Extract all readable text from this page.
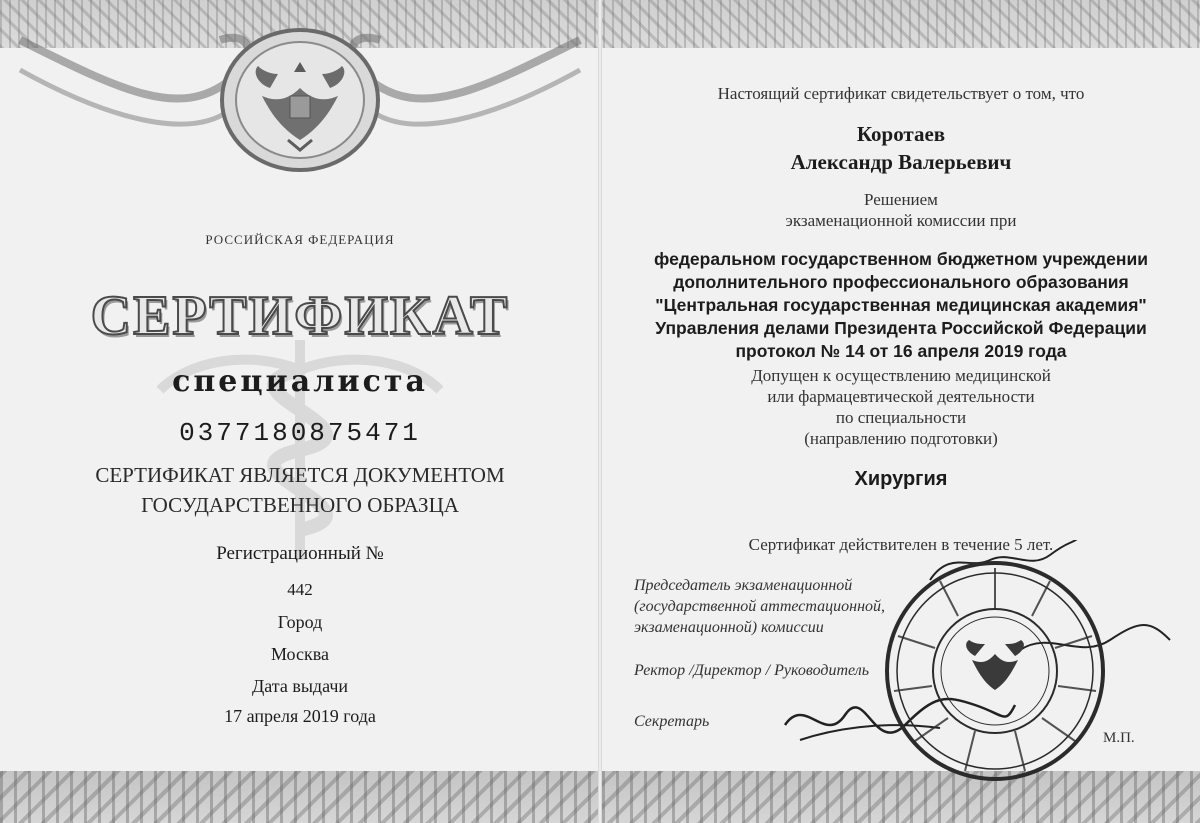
РОССИЙСКАЯ ФЕДЕРАЦИЯ
СЕРТИФИКАТ
специалиста
0377180875471
СЕРТИФИКАТ ЯВЛЯЕТСЯ ДОКУМЕНТОМ
ГОСУДАРСТВЕННОГО ОБРАЗЦА
Регистрационный №
442
Город
Москва
Дата выдачи
17 апреля 2019 года
Настоящий сертификат свидетельствует о том, что
Коротаев
Александр Валерьевич
Решением
экзаменационной комиссии при
федеральном государственном бюджетном учреждении
дополнительного профессионального образования
"Центральная государственная медицинская академия"
Управления делами Президента Российской Федерации
протокол № 14 от 16 апреля 2019 года
Допущен к осуществлению медицинской
или фармацевтической деятельности
по специальности
(направлению подготовки)
Хирургия
Сертификат действителен в течение 5 лет.
Председатель экзаменационной
(государственной аттестационной,
экзаменационной) комиссии
Ректор /Директор / Руководитель
Секретарь
М.П.
